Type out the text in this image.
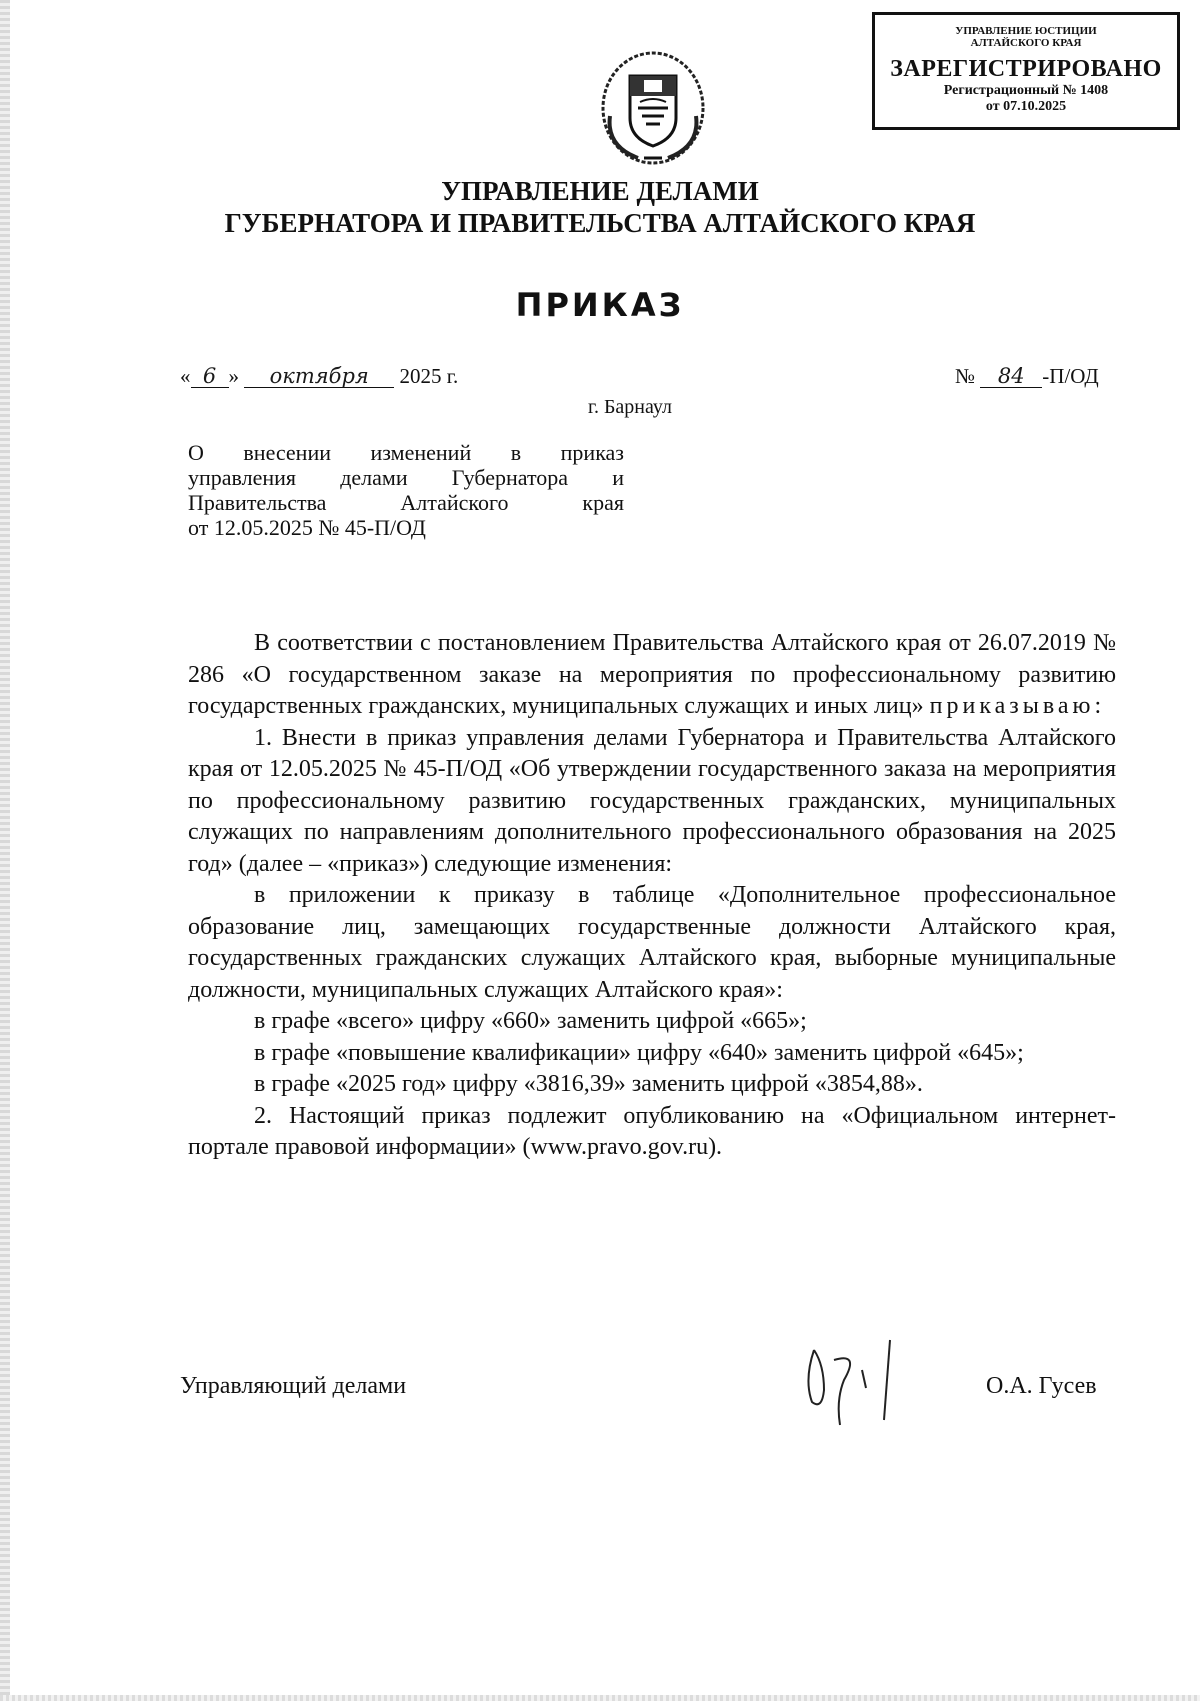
УПРАВЛЕНИЕ ЮСТИЦИИ
АЛТАЙСКОГО КРАЯ
ЗАРЕГИСТРИРОВАНО
Регистрационный № 1408
от 07.10.2025
УПРАВЛЕНИЕ ДЕЛАМИ
ГУБЕРНАТОРА И ПРАВИТЕЛЬСТВА АЛТАЙСКОГО КРАЯ
ПРИКАЗ
« 6 » октября 2025 г.	№ 84 -П/ОД
г. Барнаул
О внесении изменений в приказ
управления делами Губернатора и
Правительства Алтайского края
от 12.05.2025 № 45-П/ОД

В соответствии с постановлением Правительства Алтайского края от 26.07.2019 № 286 «О государственном заказе на мероприятия по профессиональному развитию государственных гражданских, муниципальных служащих и иных лиц» приказываю:

1. Внести в приказ управления делами Губернатора и Правительства Алтайского края от 12.05.2025 № 45-П/ОД «Об утверждении государственного заказа на мероприятия по профессиональному развитию государственных гражданских, муниципальных служащих по направлениям дополнительного профессионального образования на 2025 год» (далее – «приказ») следующие изменения:

в приложении к приказу в таблице «Дополнительное профессиональное образование лиц, замещающих государственные должности Алтайского края, государственных гражданских служащих Алтайского края, выборные муниципальные должности, муниципальных служащих Алтайского края»:

в графе «всего» цифру «660» заменить цифрой «665»;

в графе «повышение квалификации» цифру «640» заменить цифрой «645»;

в графе «2025 год» цифру «3816,39» заменить цифрой «3854,88».

2. Настоящий приказ подлежит опубликованию на «Официальном интернет-портале правовой информации» (www.pravo.gov.ru).

Управляющий делами	О.А. Гусев
